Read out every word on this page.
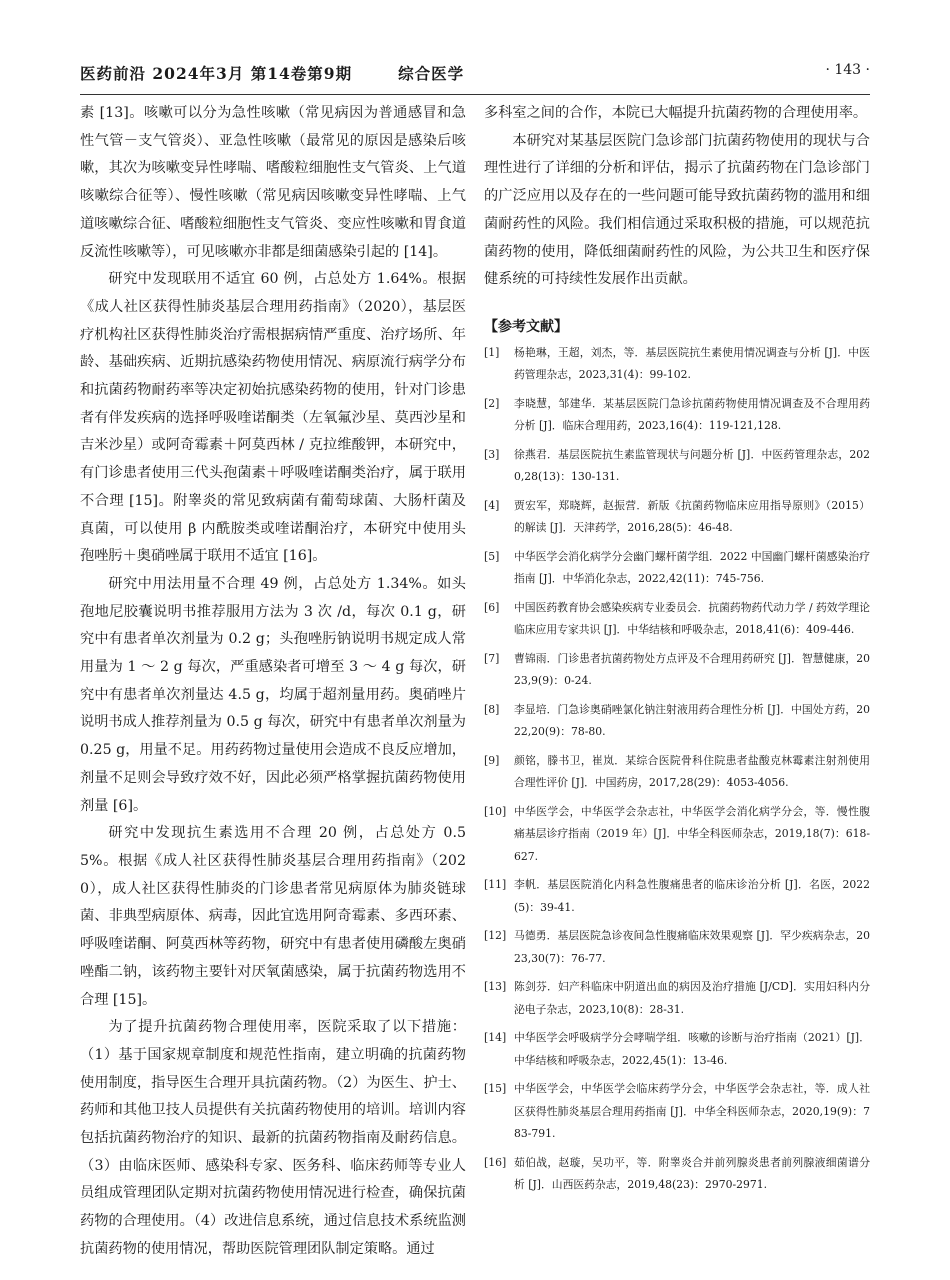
医药前沿 2024年3月 第14卷第9期	综合医学	· 143 ·

素 [13]。咳嗽可以分为急性咳嗽（常见病因为普通感冒和急性气管－支气管炎）、亚急性咳嗽（最常见的原因是感染后咳嗽，其次为咳嗽变异性哮喘、嗜酸粒细胞性支气管炎、上气道咳嗽综合征等）、慢性咳嗽（常见病因咳嗽变异性哮喘、上气道咳嗽综合征、嗜酸粒细胞性支气管炎、变应性咳嗽和胃食道反流性咳嗽等），可见咳嗽亦非都是细菌感染引起的 [14]。

研究中发现联用不适宜 60 例，占总处方 1.64%。根据《成人社区获得性肺炎基层合理用药指南》（2020），基层医疗机构社区获得性肺炎治疗需根据病情严重度、治疗场所、年龄、基础疾病、近期抗感染药物使用情况、病原流行病学分布和抗菌药物耐药率等决定初始抗感染药物的使用，针对门诊患者有伴发疾病的选择呼吸喹诺酮类（左氧氟沙星、莫西沙星和吉米沙星）或阿奇霉素＋阿莫西林 / 克拉维酸钾，本研究中，有门诊患者使用三代头孢菌素＋呼吸喹诺酮类治疗，属于联用不合理 [15]。附睾炎的常见致病菌有葡萄球菌、大肠杆菌及真菌，可以使用 β 内酰胺类或喹诺酮治疗，本研究中使用头孢唑肟＋奥硝唑属于联用不适宜 [16]。

研究中用法用量不合理 49 例，占总处方 1.34%。如头孢地尼胶囊说明书推荐服用方法为 3 次 /d，每次 0.1 g，研究中有患者单次剂量为 0.2 g；头孢唑肟钠说明书规定成人常用量为 1 ～ 2 g 每次，严重感染者可增至 3 ～ 4 g 每次，研究中有患者单次剂量达 4.5 g，均属于超剂量用药。奥硝唑片说明书成人推荐剂量为 0.5 g 每次，研究中有患者单次剂量为 0.25 g，用量不足。用药药物过量使用会造成不良反应增加，剂量不足则会导致疗效不好，因此必须严格掌握抗菌药物使用剂量 [6]。

研究中发现抗生素选用不合理 20 例，占总处方 0.55%。根据《成人社区获得性肺炎基层合理用药指南》（2020），成人社区获得性肺炎的门诊患者常见病原体为肺炎链球菌、非典型病原体、病毒，因此宜选用阿奇霉素、多西环素、呼吸喹诺酮、阿莫西林等药物，研究中有患者使用磷酸左奥硝唑酯二钠，该药物主要针对厌氧菌感染，属于抗菌药物选用不合理 [15]。

为了提升抗菌药物合理使用率，医院采取了以下措施：（1）基于国家规章制度和规范性指南，建立明确的抗菌药物使用制度，指导医生合理开具抗菌药物。（2）为医生、护士、药师和其他卫技人员提供有关抗菌药物使用的培训。培训内容包括抗菌药物治疗的知识、最新的抗菌药物指南及耐药信息。（3）由临床医师、感染科专家、医务科、临床药师等专业人员组成管理团队定期对抗菌药物使用情况进行检查，确保抗菌药物的合理使用。（4）改进信息系统，通过信息技术系统监测抗菌药物的使用情况，帮助医院管理团队制定策略。通过

多科室之间的合作，本院已大幅提升抗菌药物的合理使用率。

本研究对某基层医院门急诊部门抗菌药物使用的现状与合理性进行了详细的分析和评估，揭示了抗菌药物在门急诊部门的广泛应用以及存在的一些问题可能导致抗菌药物的滥用和细菌耐药性的风险。我们相信通过采取积极的措施，可以规范抗菌药物的使用，降低细菌耐药性的风险，为公共卫生和医疗保健系统的可持续性发展作出贡献。

【参考文献】
[1]	杨艳琳，王超，刘杰，等．基层医院抗生素使用情况调查与分析 [J]．中医药管理杂志，2023,31(4)：99-102.
[2]	李晓慧，邹建华．某基层医院门急诊抗菌药物使用情况调查及不合理用药分析 [J]．临床合理用药，2023,16(4)：119-121,128.
[3]	徐燕君．基层医院抗生素监管现状与问题分析 [J]．中医药管理杂志，2020,28(13)：130-131.
[4]	贾宏军，郑晓辉，赵振营．新版《抗菌药物临床应用指导原则》（2015）的解读 [J]．天津药学，2016,28(5)：46-48.
[5]	中华医学会消化病学分会幽门螺杆菌学组．2022 中国幽门螺杆菌感染治疗指南 [J]．中华消化杂志，2022,42(11)：745-756.
[6]	中国医药教育协会感染疾病专业委员会．抗菌药物药代动力学 / 药效学理论临床应用专家共识 [J]．中华结核和呼吸杂志，2018,41(6)：409-446.
[7]	曹锦雨．门诊患者抗菌药物处方点评及不合理用药研究 [J]．智慧健康，2023,9(9)：0-24.
[8]	李显培．门急诊奥硝唑氯化钠注射液用药合理性分析 [J]．中国处方药，2022,20(9)：78-80.
[9]	颜铭，滕书卫，崔岚．某综合医院骨科住院患者盐酸克林霉素注射剂使用合理性评价 [J]．中国药房，2017,28(29)：4053-4056.
[10] 中华医学会，中华医学会杂志社，中华医学会消化病学分会，等．慢性腹痛基层诊疗指南（2019 年）[J]．中华全科医师杂志，2019,18(7)：618-627.
[11] 李帆．基层医院消化内科急性腹痛患者的临床诊治分析 [J]．名医，2022(5)：39-41.
[12] 马德勇．基层医院急诊夜间急性腹痛临床效果观察 [J]．罕少疾病杂志，2023,30(7)：76-77.
[13] 陈剑芬．妇产科临床中阴道出血的病因及治疗措施 [J/CD]．实用妇科内分泌电子杂志，2023,10(8)：28-31.
[14] 中华医学会呼吸病学分会哮喘学组．咳嗽的诊断与治疗指南（2021）[J]．中华结核和呼吸杂志，2022,45(1)：13-46.
[15] 中华医学会，中华医学会临床药学分会，中华医学会杂志社，等．成人社区获得性肺炎基层合理用药指南 [J]．中华全科医师杂志，2020,19(9)：783-791.
[16] 茹伯战，赵璇，吴功平，等．附睾炎合并前列腺炎患者前列腺液细菌谱分析 [J]．山西医药杂志，2019,48(23)：2970-2971.
